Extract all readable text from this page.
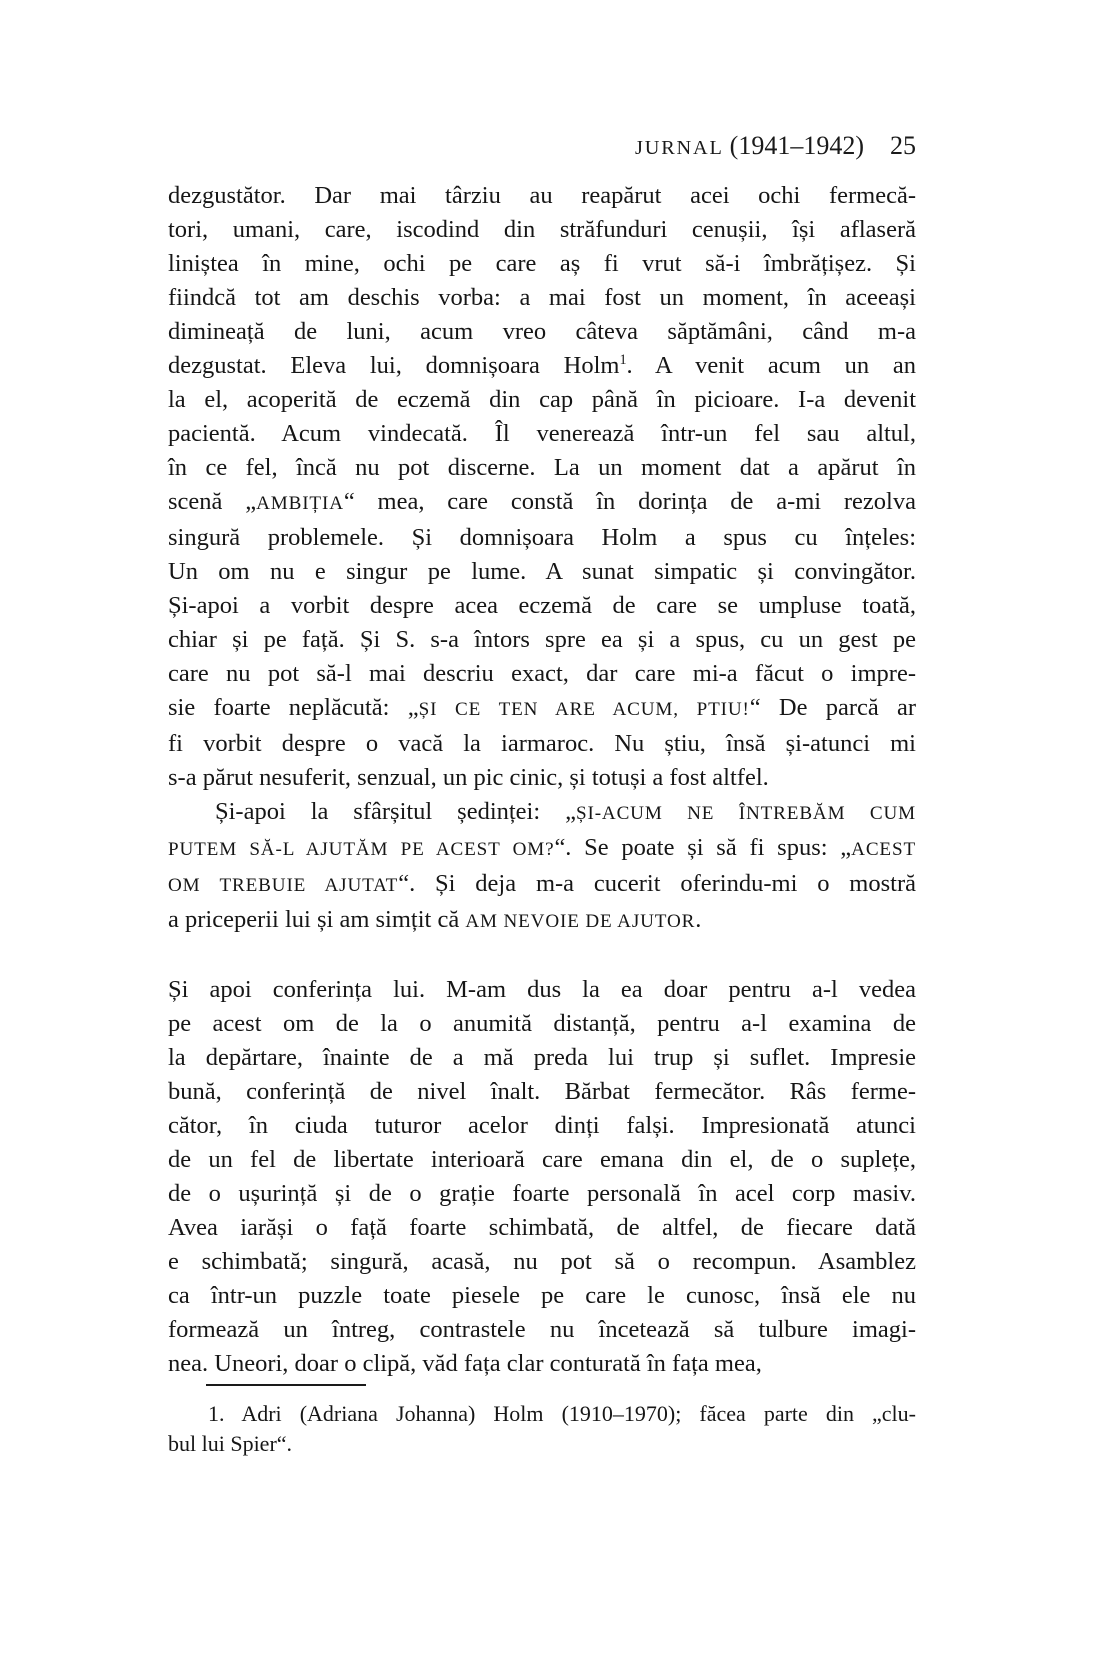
JURNAL (1941–1942) 25
dezgustător. Dar mai târziu au reapărut acei ochi fermecă-
tori, umani, care, iscodind din străfunduri cenușii, își aflaseră
liniștea în mine, ochi pe care aș fi vrut să-i îmbrățișez. Și
fiindcă tot am deschis vorba: a mai fost un moment, în aceeași
dimineață de luni, acum vreo câteva săptămâni, când m-a
dezgustat. Eleva lui, domnișoara Holm$^1$. A venit acum un an
la el, acoperită de eczemă din cap până în picioare. I-a devenit
pacientă. Acum vindecată. Îl venerează într-un fel sau altul,
în ce fel, încă nu pot discerne. La un moment dat a apărut în
scenă „AMBIȚIA“ mea, care constă în dorința de a-mi rezolva
singură problemele. Și domnișoara Holm a spus cu înțeles:
Un om nu e singur pe lume. A sunat simpatic și convingător.
Și-apoi a vorbit despre acea eczemă de care se umpluse toată,
chiar și pe față. Și S. s-a întors spre ea și a spus, cu un gest pe
care nu pot să-l mai descriu exact, dar care mi-a făcut o impre-
sie foarte neplăcută: „ȘI CE TEN ARE ACUM, PTIU!“ De parcă ar
fi vorbit despre o vacă la iarmaroc. Nu știu, însă și-atunci mi
s-a părut nesuferit, senzual, un pic cinic, și totuși a fost altfel.
Și-apoi la sfârșitul ședinței: „ȘI-ACUM NE ÎNTREBĂM CUM
PUTEM SĂ-L AJUTĂM PE ACEST OM?“. Se poate și să fi spus: „ACEST
OM TREBUIE AJUTAT“. Și deja m-a cucerit oferindu-mi o mostră
a priceperii lui și am simțit că AM NEVOIE DE AJUTOR.
Și apoi conferința lui. M-am dus la ea doar pentru a-l vedea
pe acest om de la o anumită distanță, pentru a-l examina de
la depărtare, înainte de a mă preda lui trup și suflet. Impresie
bună, conferință de nivel înalt. Bărbat fermecător. Râs ferme-
cător, în ciuda tuturor acelor dinți falși. Impresionată atunci
de un fel de libertate interioară care emana din el, de o suplețe,
de o ușurință și de o grație foarte personală în acel corp masiv.
Avea iarăși o față foarte schimbată, de altfel, de fiecare dată
e schimbată; singură, acasă, nu pot să o recompun. Asamblez
ca într-un puzzle toate piesele pe care le cunosc, însă ele nu
formează un întreg, contrastele nu încetează să tulbure imagi-
nea. Uneori, doar o clipă, văd fața clar conturată în fața mea,
1. Adri (Adriana Johanna) Holm (1910–1970); făcea parte din „clu-
bul lui Spier“.
